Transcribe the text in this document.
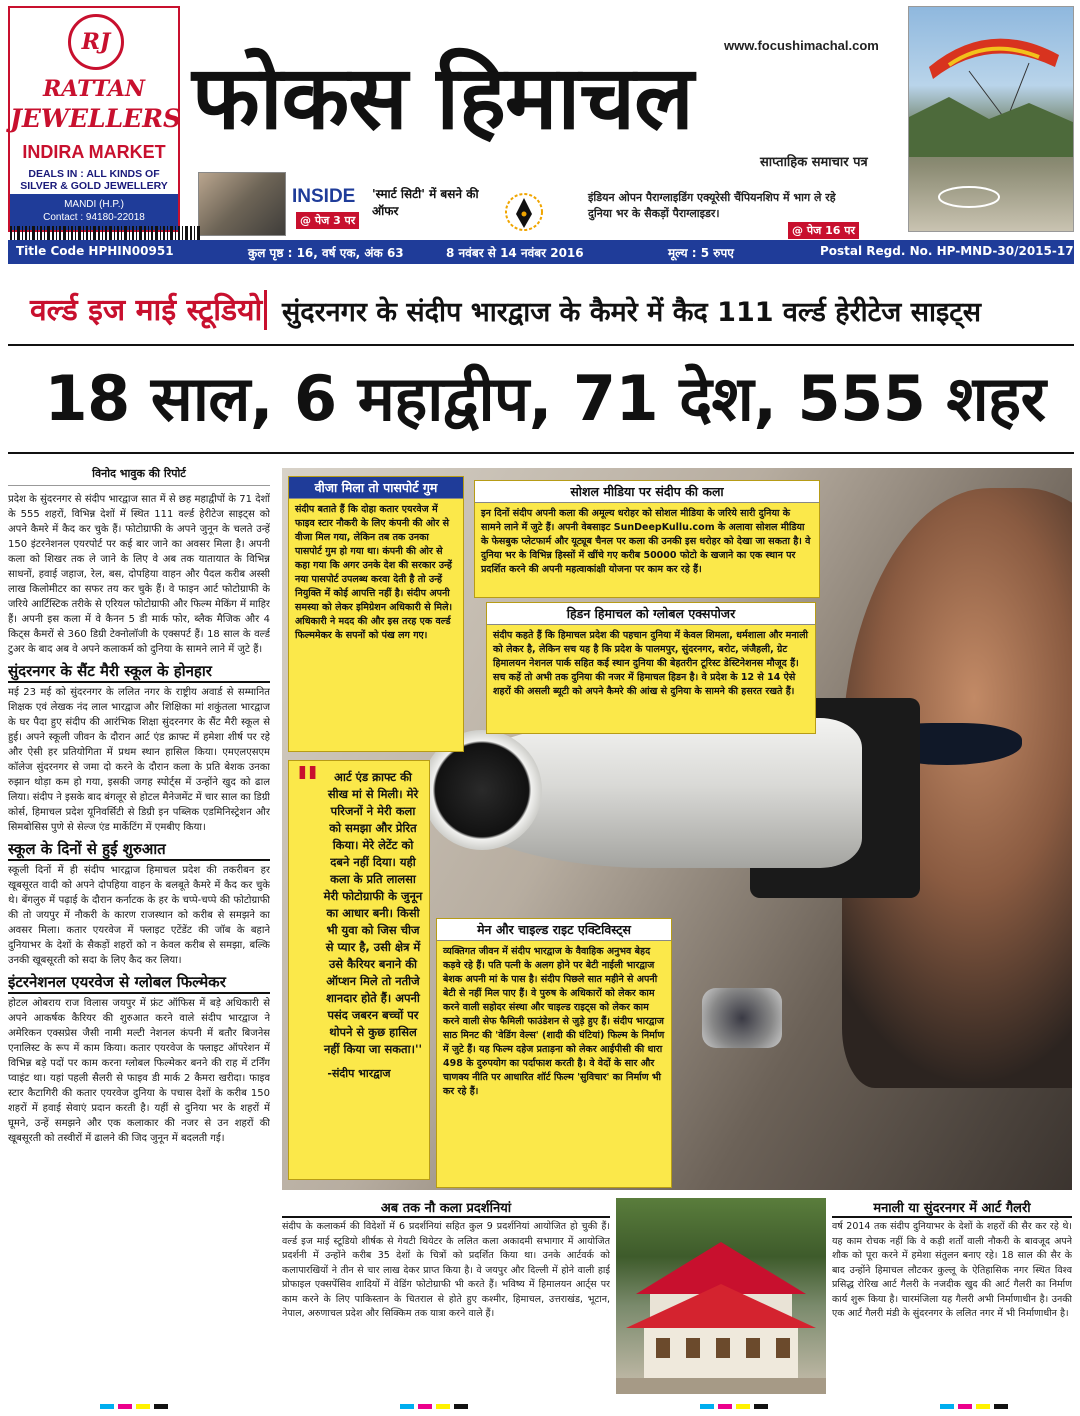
RJ
RATTAN
JEWELLERS
INDIRA MARKET
DEALS IN : ALL KINDS OF
SILVER & GOLD JEWELLERY
MANDI (H.P.)
Contact : 94180-22018
www.focushimachal.com
फोकस हिमाचल
साप्ताहिक समाचार पत्र
INSIDE
@ पेज 3 पर
'स्मार्ट सिटी' में बसने की ऑफर
इंडियन ओपन पैराग्लाइडिंग एक्यूरेसी चैंपियनशिप में भाग ले रहे दुनिया भर के सैकड़ों पैराग्लाइडर।
@ पेज 16 पर
Title Code HPHIN00951	कुल पृष्ठ : 16, वर्ष एक, अंक 63	8 नवंबर से 14 नवंबर 2016	मूल्य : 5 रुपए	Postal Regd. No. HP-MND-30/2015-17
वर्ल्ड इज माई स्टूडियो सुंदरनगर के संदीप भारद्वाज के कैमरे में कैद 111 वर्ल्ड हेरीटेज साइट्स
18 साल, 6 महाद्वीप, 71 देश, 555 शहर
विनोद भावुक की रिपोर्ट

प्रदेश के सुंदरनगर से संदीप भारद्वाज सात में से छह महाद्वीपों के 71 देशों के 555 शहरों, विभिन्न देशों में स्थित 111 वर्ल्ड हेरीटेज साइट्स को अपने कैमरे में कैद कर चुके हैं। फोटोग्राफी के अपने जुनून के चलते उन्हें 150 इंटरनेशनल एयरपोर्ट पर कई बार जाने का अवसर मिला है। अपनी कला को शिखर तक ले जाने के लिए वे अब तक यातायात के विभिन्न साधनों, हवाई जहाज, रेल, बस, दोपहिया वाहन और पैदल करीब अस्सी लाख किलोमीटर का सफर तय कर चुके हैं। वे फाइन आर्ट फोटोग्राफी के जरिये आर्टिस्टिक तरीके से एरियल फोटोग्राफी और फिल्म मेकिंग में माहिर हैं। अपनी इस कला में वे कैनन 5 डी मार्क फोर, ब्लैक मैजिक और 4 किट्स कैमरों से 360 डिग्री टेक्नोलॉजी के एक्सपर्ट हैं। 18 साल के वर्ल्ड टुअर के बाद अब वे अपने कलाकर्म को दुनिया के सामने लाने में जुटे हैं।

सुंदरनगर के सैंट मैरी स्कूल के होनहार

मई 23 मई को सुंदरनगर के ललित नगर के राष्ट्रीय अवार्ड से सम्मानित शिक्षक एवं लेखक नंद लाल भारद्वाज और शिक्षिका मां शकुंतला भारद्वाज के घर पैदा हुए संदीप की आरंभिक शिक्षा सुंदरनगर के सैंट मैरी स्कूल से हुई। अपने स्कूली जीवन के दौरान आर्ट एंड क्राफ्ट में हमेशा शीर्ष पर रहे और ऐसी हर प्रतियोगिता में प्रथम स्थान हासिल किया। एमएलएसएम कॉलेज सुंदरनगर से जमा दो करने के दौरान कला के प्रति बेशक उनका रुझान थोड़ा कम हो गया, इसकी जगह स्पोर्ट्स में उन्होंने खुद को ढाल लिया। संदीप ने इसके बाद बंगलूर से होटल मैनेजमेंट में चार साल का डिग्री कोर्स, हिमाचल प्रदेश यूनिवर्सिटी से डिग्री इन पब्लिक एडमिनिस्ट्रेशन और सिमबोसिस पुणे से सेल्ज एंड मार्केटिंग में एमबीए किया।

स्कूल के दिनों से हुई शुरुआत

स्कूली दिनों में ही संदीप भारद्वाज हिमाचल प्रदेश की तकरीबन हर खूबसूरत वादी को अपने दोपहिया वाहन के बलबूते कैमरे में कैद कर चुके थे। बेंगलुरु में पढ़ाई के दौरान कर्नाटक के हर के चप्पे-चप्पे की फोटोग्राफी की तो जयपुर में नौकरी के कारण राजस्थान को करीब से समझने का अवसर मिला। कतार एयरवेज में फ्लाइट एटेंडेंट की जॉब के बहाने दुनियाभर के देशों के सैकड़ों शहरों को न केवल करीब से समझा, बल्कि उनकी खूबसूरती को सदा के लिए कैद कर लिया।

इंटरनेशनल एयरवेज से ग्लोबल फिल्मेकर

होटल ओबराय राज विलास जयपुर में फ्रंट ऑफिस में बड़े अधिकारी से अपने आकर्षक कैरियर की शुरुआत करने वाले संदीप भारद्वाज ने अमेरिकन एक्सप्रेस जैसी नामी मल्टी नेशनल कंपनी में बतौर बिजनेस एनालिस्ट के रूप में काम किया। कतार एयरवेज के फ्लाइट ऑपरेशन में विभिन्न बड़े पदों पर काम करना ग्लोबल फिल्मेकर बनने की राह में टर्निंग प्वाइंट था। यहां पहली सैलरी से फाइव डी मार्क 2 कैमरा खरीदा। फाइव स्टार कैटागिरी की कतार एयरवेज दुनिया के पचास देशों के करीब 150 शहरों में हवाई सेवाएं प्रदान करती है। यहीं से दुनिया भर के शहरों में घूमने, उन्हें समझने और एक कलाकार की नजर से उन शहरों की खूबसूरती को तस्वीरों में ढालने की जिद जुनून में बदलती गई।

वीजा मिला तो पासपोर्ट गुम
संदीप बताते हैं कि दोहा कतार एयरवेज में फाइव स्टार नौकरी के लिए कंपनी की ओर से वीजा मिल गया, लेकिन तब तक उनका पासपोर्ट गुम हो गया था। कंपनी की ओर से कहा गया कि अगर उनके देश की सरकार उन्हें नया पासपोर्ट उपलब्ध करवा देती है तो उन्हें नियुक्ति में कोई आपत्ति नहीं है। संदीप अपनी समस्या को लेकर इमिग्रेशन अधिकारी से मिले। अधिकारी ने मदद की और इस तरह एक वर्ल्ड फिल्ममेकर के सपनों को पंख लग गए।
सोशल मीडिया पर संदीप की कला
इन दिनों संदीप अपनी कला की अमूल्य धरोहर को सोशल मीडिया के जरिये सारी दुनिया के सामने लाने में जुटे हैं। अपनी वेबसाइट SunDeepKullu.com के अलावा सोशल मीडिया के फेसबुक प्लेटफार्म और यूट्यूब चैनल पर कला की उनकी इस धरोहर को देखा जा सकता है। वे दुनिया भर के विभिन्न हिस्सों में खींचे गए करीब 50000 फोटो के खजाने का एक स्थान पर प्रदर्शित करने की अपनी महत्वाकांक्षी योजना पर काम कर रहे हैं।
हिडन हिमाचल को ग्लोबल एक्सपोजर
संदीप कहते हैं कि हिमाचल प्रदेश की पहचान दुनिया में केवल शिमला, धर्मशाला और मनाली को लेकर है, लेकिन सच यह है कि प्रदेश के पालमपुर, सुंदरनगर, बरोट, जंजैहली, ग्रेट हिमालयन नेशनल पार्क सहित कई स्थान दुनिया की बेहतरीन टूरिस्ट डेस्टिनेशनस मौजूद हैं। सच कहें तो अभी तक दुनिया की नजर में हिमाचल हिडन है। वे प्रदेश के 12 से 14 ऐसे शहरों की असली ब्यूटी को अपने कैमरे की आंख से दुनिया के सामने की हसरत रखते हैं।
"	आर्ट एंड क्राफ्ट की सीख मां से मिली। मेरे परिजनों ने मेरी कला को समझा और प्रेरित किया। मेरे लेटेंट को दबने नहीं दिया। यही कला के प्रति लालसा मेरी फोटोग्राफी के जुनून का आधार बनी। किसी भी युवा को जिस चीज से प्यार है, उसी क्षेत्र में उसे कैरियर बनाने की ऑप्शन मिले तो नतीजे शानदार होते हैं। अपनी पसंद जबरन बच्चों पर थोपने से कुछ हासिल नहीं किया जा सकता।''
-संदीप भारद्वाज
मेन और चाइल्ड राइट एक्टिविस्ट्स
व्यक्तिगत जीवन में संदीप भारद्वाज के वैवाहिक अनुभव बेहद कड़वे रहे हैं। पति पत्नी के अलग होने पर बेटी नाईली भारद्वाज बेशक अपनी मां के पास है। संदीप पिछले सात महीने से अपनी बेटी से नहीं मिल पाए हैं। वे पुरुष के अधिकारों को लेकर काम करने वाली सहोदर संस्था और चाइल्ड राइट्स को लेकर काम करने वाली सेफ फैमिली फाउंडेशन से जुड़े हुए हैं। संदीप भारद्वाज साठ मिनट की 'वेडिंग वेल्स' (शादी की घंटियां) फिल्म के निर्माण में जुटे हैं। यह फिल्म दहेज प्रताड़ना को लेकर आईपीसी की धारा 498 के दुरुपयोग का पर्दाफाश करती है। वे वेदों के सार और चाणक्य नीति पर आधारित शॉर्ट फिल्म 'सुविचार' का निर्माण भी कर रहे हैं।
अब तक नौ कला प्रदर्शनियां

संदीप के कलाकर्म की विदेशों में 6 प्रदर्शनियां सहित कुल 9 प्रदर्शनियां आयोजित हो चुकी हैं। वर्ल्ड इज माई स्टूडियो शीर्षक से गेयटी थियेटर के ललित कला अकादमी सभागार में आयोजित प्रदर्शनी में उन्होंने करीब 35 देशों के चित्रों को प्रदर्शित किया था। उनके आर्टवर्क को कलापारखियों ने तीन से चार लाख देकर प्राप्त किया है। वे जयपुर और दिल्ली में होने वाली हाई प्रोफाइल एक्सपेंसिव शादियों में वेडिंग फोटोग्राफी भी करते हैं। भविष्य में हिमालयन आर्ट्स पर काम करने के लिए पाकिस्तान के चितराल से होते हुए कश्मीर, हिमाचल, उत्तराखंड, भूटान, नेपाल, अरुणाचल प्रदेश और सिक्किम तक यात्रा करने वाले हैं।

मनाली या सुंदरनगर में आर्ट गैलरी

वर्ष 2014 तक संदीप दुनियाभर के देशों के शहरों की सैर कर रहे थे। यह काम रोचक नहीं कि वे कड़ी शर्तों वाली नौकरी के बावजूद अपने शौक को पूरा करने में हमेशा संतुलन बनाए रहे। 18 साल की सैर के बाद उन्होंने हिमाचल लौटकर कुल्लू के ऐतिहासिक नगर स्थित विश्व प्रसिद्ध रोरिख आर्ट गैलरी के नजदीक खुद की आर्ट गैलरी का निर्माण कार्य शुरू किया है। चारमंजिला यह गैलरी अभी निर्माणाधीन है। उनकी एक आर्ट गैलरी मंडी के सुंदरनगर के ललित नगर में भी निर्माणाधीन है।
